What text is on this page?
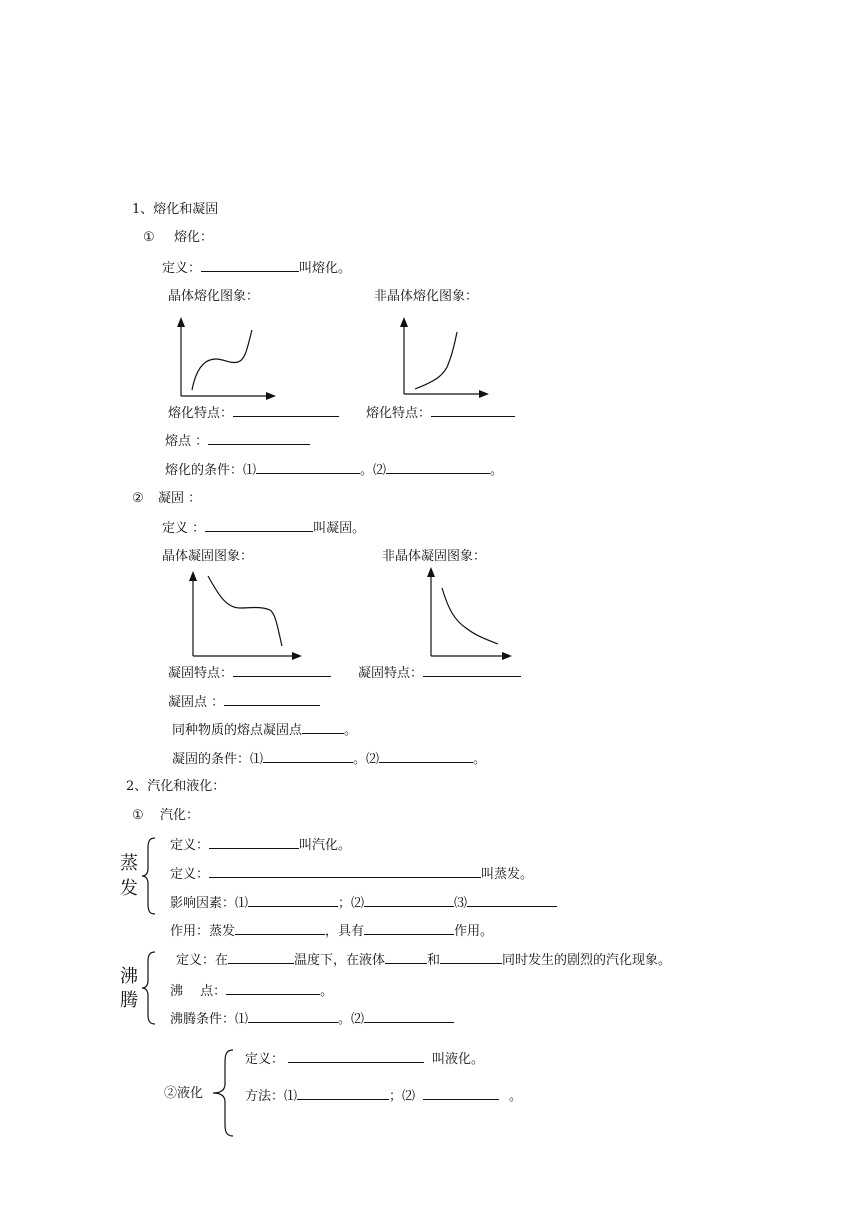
1、熔化和凝固
① 熔化：
定义：	叫熔化。
晶体熔化图象：	非晶体熔化图象：
熔化特点：	熔化特点：
熔点 ：
熔化的条件：⑴	。⑵	。
② 凝固 ：
定义 ：	叫凝固。
晶体凝固图象：	非晶体凝固图象：
凝固特点：	凝固特点：
凝固点 ：
同种物质的熔点凝固点	。
凝固的条件：⑴	。⑵	。
2、汽化和液化：
① 汽化：
蒸
发
定义：	叫汽化。
定义：	叫蒸发。
影响因素：⑴	；⑵	⑶
作用：蒸发	，具有	作用。
沸
腾
定义：在	温度下，在液体	和	同时发生的剧烈的汽化现象。
沸　 点：	。
沸腾条件：⑴	。⑵
②液化
定义：	叫液化。
方法：⑴	；⑵	。
